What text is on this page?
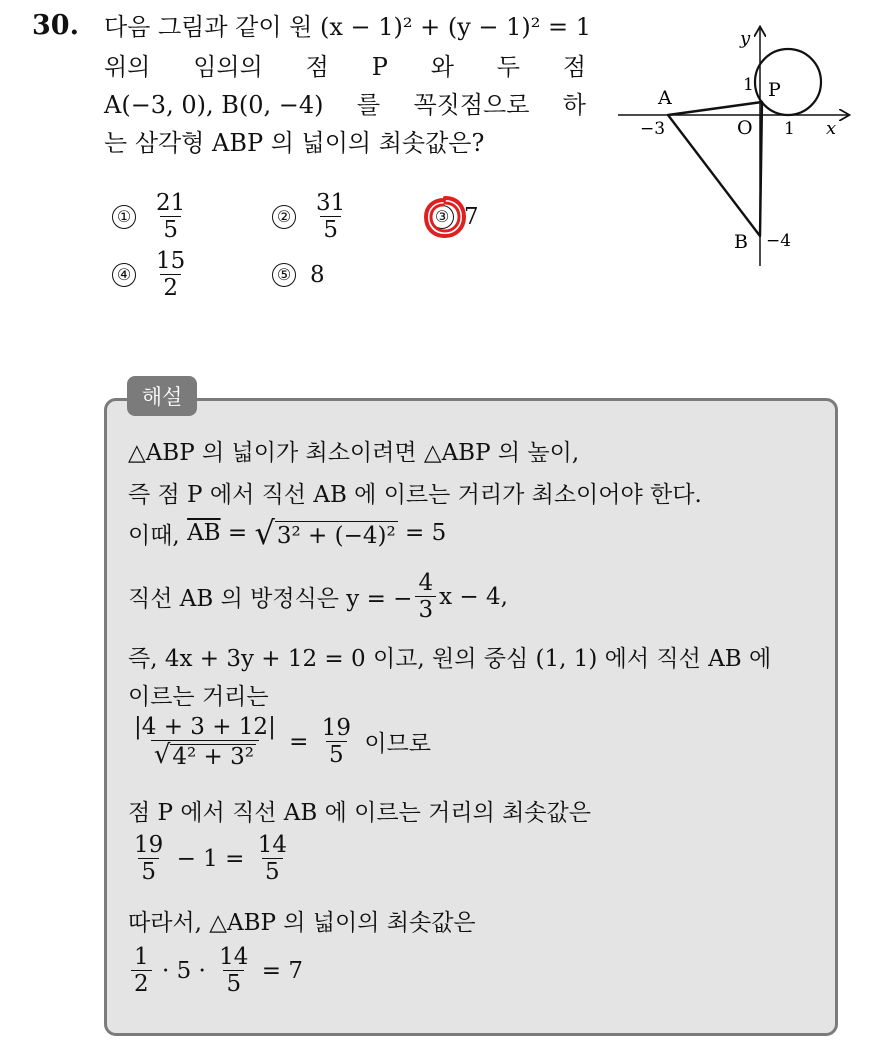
30. 다음 그림과 같이 원 (x − 1)² + (y − 1)² = 1
위의 임의의 점 P 와 두 점
A(−3, 0), B(0, −4) 를 꼭짓점으로 하
는 삼각형 ABP 의 넓이의 최솟값은?
① $\frac{21}{5}$	② $\frac{31}{5}$	③ 7
④ $\frac{15}{2}$	⑤ 8
y
x
O
A
B
P
−3	1
1
−4
해설
△ABP 의 넓이가 최소이려면 △ABP 의 높이,
즉 점 P 에서 직선 AB 에 이르는 거리가 최소이어야 한다.
이때,
$\overline{AB}$
=
√ 3² + (−4)²
= 5
직선 AB 의 방정식은 y = − $\frac{4}{3}$ x − 4,
즉, 4x + 3y + 12 = 0 이고, 원의 중심 (1, 1) 에서 직선 AB 에
이르는 거리는
$\frac{|4 + 3 + 12|}{\text{√ 4² + 3²}}$
=
$\frac{19}{5}$
이므로
점 P 에서 직선 AB 에 이르는 거리의 최솟값은
$\frac{19}{5}$
− 1 =
$\frac{14}{5}$
따라서, △ABP 의 넓이의 최솟값은
$\frac{1}{2}$
· 5 ·
$\frac{14}{5}$
= 7
